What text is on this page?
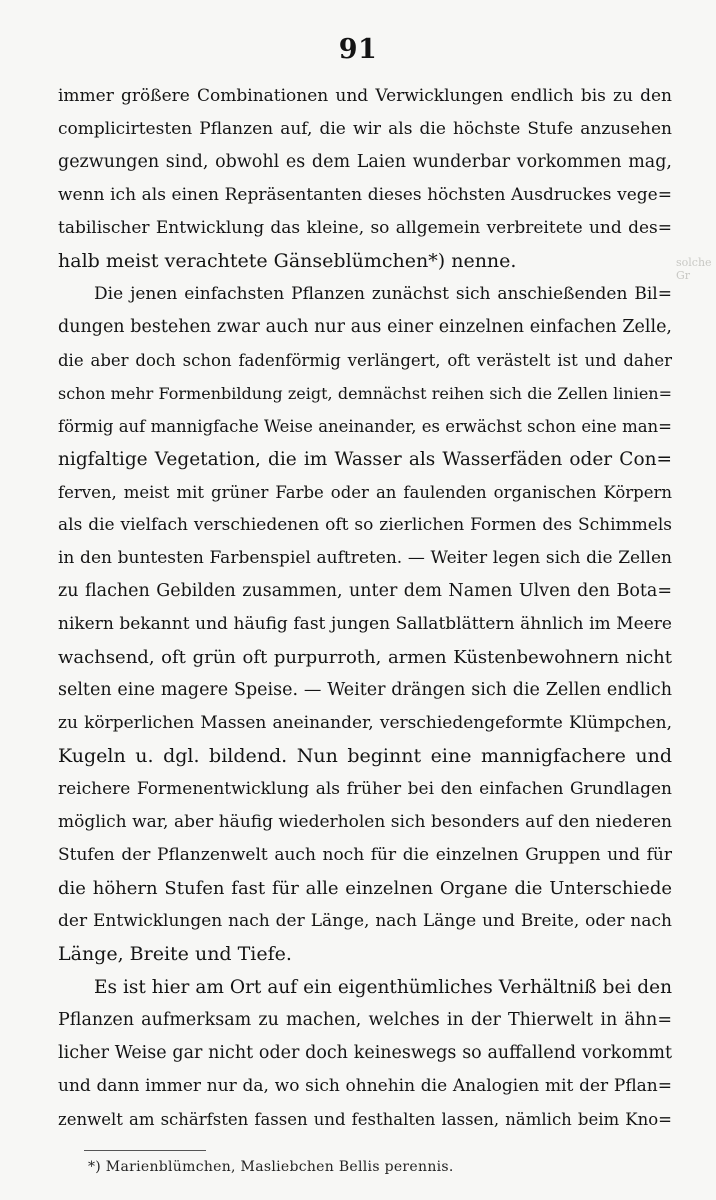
91
solche Gr
immer größere Combinationen und Verwicklungen endlich bis zu den
complicirtesten Pflanzen auf, die wir als die höchste Stufe anzusehen
gezwungen sind, obwohl es dem Laien wunderbar vorkommen mag,
wenn ich als einen Repräsentanten dieses höchsten Ausdruckes vege=
tabilischer Entwicklung das kleine, so allgemein verbreitete und des=
halb meist verachtete Gänseblümchen*) nenne.
Die jenen einfachsten Pflanzen zunächst sich anschießenden Bil=
dungen bestehen zwar auch nur aus einer einzelnen einfachen Zelle,
die aber doch schon fadenförmig verlängert, oft verästelt ist und daher
schon mehr Formenbildung zeigt, demnächst reihen sich die Zellen linien=
förmig auf mannigfache Weise aneinander, es erwächst schon eine man=
nigfaltige Vegetation, die im Wasser als Wasserfäden oder Con=
ferven, meist mit grüner Farbe oder an faulenden organischen Körpern
als die vielfach verschiedenen oft so zierlichen Formen des Schimmels
in den buntesten Farbenspiel auftreten. — Weiter legen sich die Zellen
zu flachen Gebilden zusammen, unter dem Namen Ulven den Bota=
nikern bekannt und häufig fast jungen Sallatblättern ähnlich im Meere
wachsend, oft grün oft purpurroth, armen Küstenbewohnern nicht
selten eine magere Speise. — Weiter drängen sich die Zellen endlich
zu körperlichen Massen aneinander, verschiedengeformte Klümpchen,
Kugeln u. dgl. bildend. Nun beginnt eine mannigfachere und
reichere Formenentwicklung als früher bei den einfachen Grundlagen
möglich war, aber häufig wiederholen sich besonders auf den niederen
Stufen der Pflanzenwelt auch noch für die einzelnen Gruppen und für
die höhern Stufen fast für alle einzelnen Organe die Unterschiede
der Entwicklungen nach der Länge, nach Länge und Breite, oder nach
Länge, Breite und Tiefe.
Es ist hier am Ort auf ein eigenthümliches Verhältniß bei den
Pflanzen aufmerksam zu machen, welches in der Thierwelt in ähn=
licher Weise gar nicht oder doch keineswegs so auffallend vorkommt
und dann immer nur da, wo sich ohnehin die Analogien mit der Pflan=
zenwelt am schärfsten fassen und festhalten lassen, nämlich beim Kno=
*) Marienblümchen, Masliebchen Bellis perennis.
